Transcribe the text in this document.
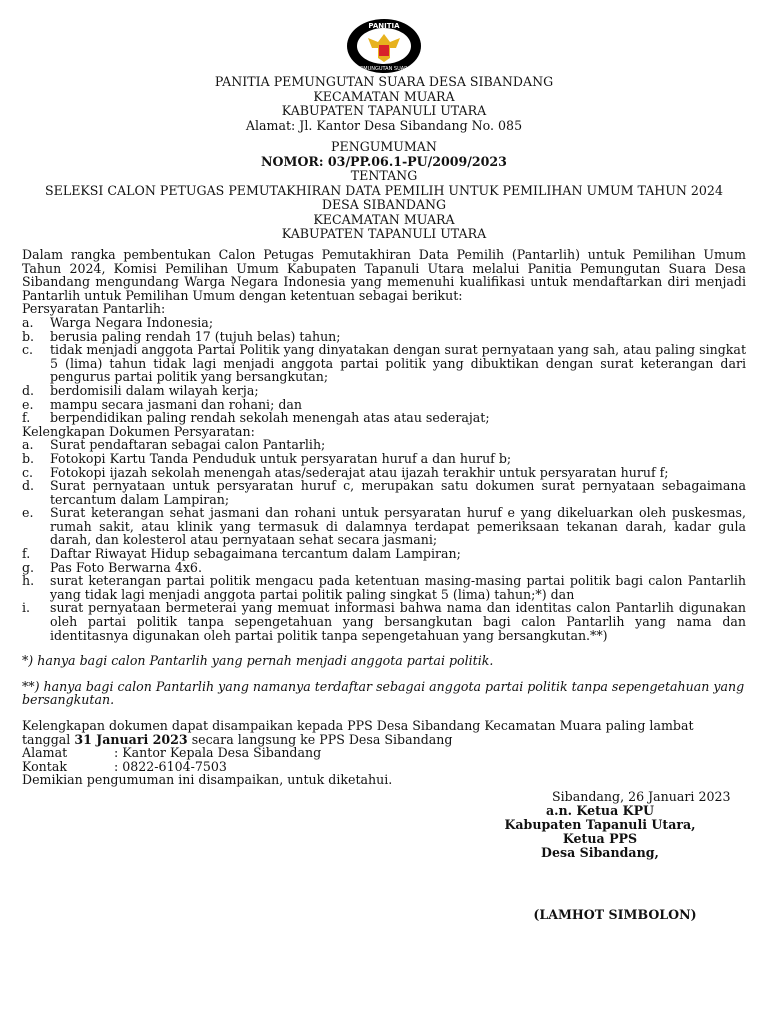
PANITIA
PEMUNGUTAN SUARA
PANITIA PEMUNGUTAN SUARA DESA SIBANDANG
KECAMATAN MUARA
KABUPATEN TAPANULI UTARA
Alamat: Jl. Kantor Desa Sibandang No. 085
PENGUMUMAN
NOMOR: 03/PP.06.1-PU/2009/2023
TENTANG
SELEKSI CALON PETUGAS PEMUTAKHIRAN DATA PEMILIH UNTUK PEMILIHAN UMUM TAHUN 2024
DESA SIBANDANG
KECAMATAN MUARA
KABUPATEN TAPANULI UTARA
Dalam rangka pembentukan Calon Petugas Pemutakhiran Data Pemilih (Pantarlih) untuk Pemilihan Umum Tahun 2024, Komisi Pemilihan Umum Kabupaten Tapanuli Utara melalui Panitia Pemungutan Suara Desa Sibandang mengundang Warga Negara Indonesia yang memenuhi kualifikasi untuk mendaftarkan diri menjadi Pantarlih untuk Pemilihan Umum dengan ketentuan sebagai berikut:
Persyaratan Pantarlih:
a.	Warga Negara Indonesia;
b.	berusia paling rendah 17 (tujuh belas) tahun;
c.	tidak menjadi anggota Partai Politik yang dinyatakan dengan surat pernyataan yang sah, atau paling singkat 5 (lima) tahun tidak lagi menjadi anggota partai politik yang dibuktikan dengan surat keterangan dari pengurus partai politik yang bersangkutan;
d.	berdomisili dalam wilayah kerja;
e.	mampu secara jasmani dan rohani; dan
f.	berpendidikan paling rendah sekolah menengah atas atau sederajat;
Kelengkapan Dokumen Persyaratan:
a.	Surat pendaftaran sebagai calon Pantarlih;
b.	Fotokopi Kartu Tanda Penduduk untuk persyaratan huruf a dan huruf b;
c.	Fotokopi ijazah sekolah menengah atas/sederajat atau ijazah terakhir untuk persyaratan huruf f;
d.	Surat pernyataan untuk persyaratan huruf c, merupakan satu dokumen surat pernyataan sebagaimana tercantum dalam Lampiran;
e.	Surat keterangan sehat jasmani dan rohani untuk persyaratan huruf e yang dikeluarkan oleh puskesmas, rumah sakit, atau klinik yang termasuk di dalamnya terdapat pemeriksaan tekanan darah, kadar gula darah, dan kolesterol atau pernyataan sehat secara jasmani;
f.	Daftar Riwayat Hidup sebagaimana tercantum dalam Lampiran;
g.	Pas Foto Berwarna 4x6.
h.	surat keterangan partai politik mengacu pada ketentuan masing-masing partai politik bagi calon Pantarlih yang tidak lagi menjadi anggota partai politik paling singkat 5 (lima) tahun;*) dan
i.	surat pernyataan bermeterai yang memuat informasi bahwa nama dan identitas calon Pantarlih digunakan oleh partai politik tanpa sepengetahuan yang bersangkutan bagi calon Pantarlih yang nama dan identitasnya digunakan oleh partai politik tanpa sepengetahuan yang bersangkutan.**)
*) hanya bagi calon Pantarlih yang pernah menjadi anggota partai politik.
**) hanya bagi calon Pantarlih yang namanya terdaftar sebagai anggota partai politik tanpa sepengetahuan yang bersangkutan.
Kelengkapan dokumen dapat disampaikan kepada PPS Desa Sibandang Kecamatan Muara paling lambat
tanggal 31 Januari 2023 secara langsung ke PPS Desa Sibandang
Alamat	: Kantor Kepala Desa Sibandang
Kontak	: 0822-6104-7503
Demikian pengumuman ini disampaikan, untuk diketahui.
Sibandang, 26 Januari 2023
a.n. Ketua KPU
Kabupaten Tapanuli Utara,
Ketua PPS
Desa Sibandang,
(LAMHOT SIMBOLON)
